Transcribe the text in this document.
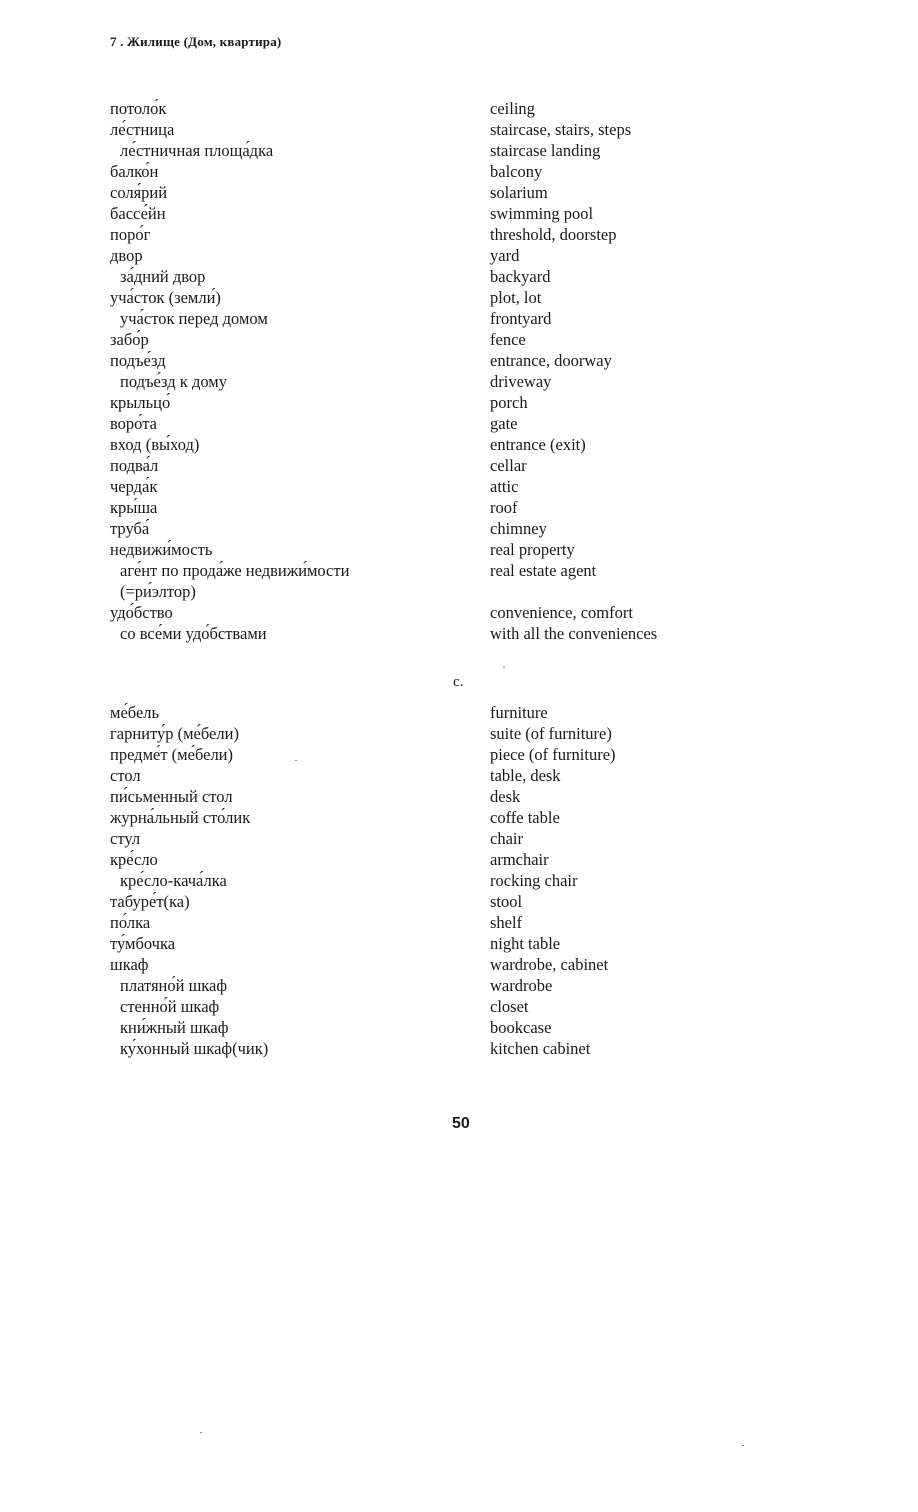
7 . Жилище (Дом, квартира)
потоло́к	ceiling
ле́стница	staircase, stairs, steps
ле́стничная площа́дка	staircase landing
балко́н	balcony
соля́рий	solarium
бассе́йн	swimming pool
поро́г	threshold, doorstep
двор	yard
за́дний двор	backyard
уча́сток (земли́)	plot, lot
уча́сток перед домом	frontyard
забо́р	fence
подъе́зд	entrance, doorway
подъе́зд к дому	driveway
крыльцо́	porch
воро́та	gate
вход (вы́ход)	entrance (exit)
подва́л	cellar
черда́к	attic
кры́ша	roof
труба́	chimney
недвижи́мость	real property
аге́нт по прода́же недвижи́мости	real estate agent
(=ри́элтор)
удо́бство	convenience, comfort
со все́ми удо́бствами	with all the conveniences
с.
ме́бель	furniture
гарниту́р (ме́бели)	suite (of furniture)
предме́т (ме́бели)	piece (of furniture)
стол	table, desk
пи́сьменный стол	desk
журна́льный сто́лик	coffe table
стул	chair
кре́сло	armchair
кре́сло-кача́лка	rocking chair
табуре́т(ка)	stool
по́лка	shelf
ту́мбочка	night table
шкаф	wardrobe, cabinet
платяно́й шкаф	wardrobe
стенно́й шкаф	closet
кни́жный шкаф	bookcase
ку́хонный шкаф(чик)	kitchen cabinet
50
